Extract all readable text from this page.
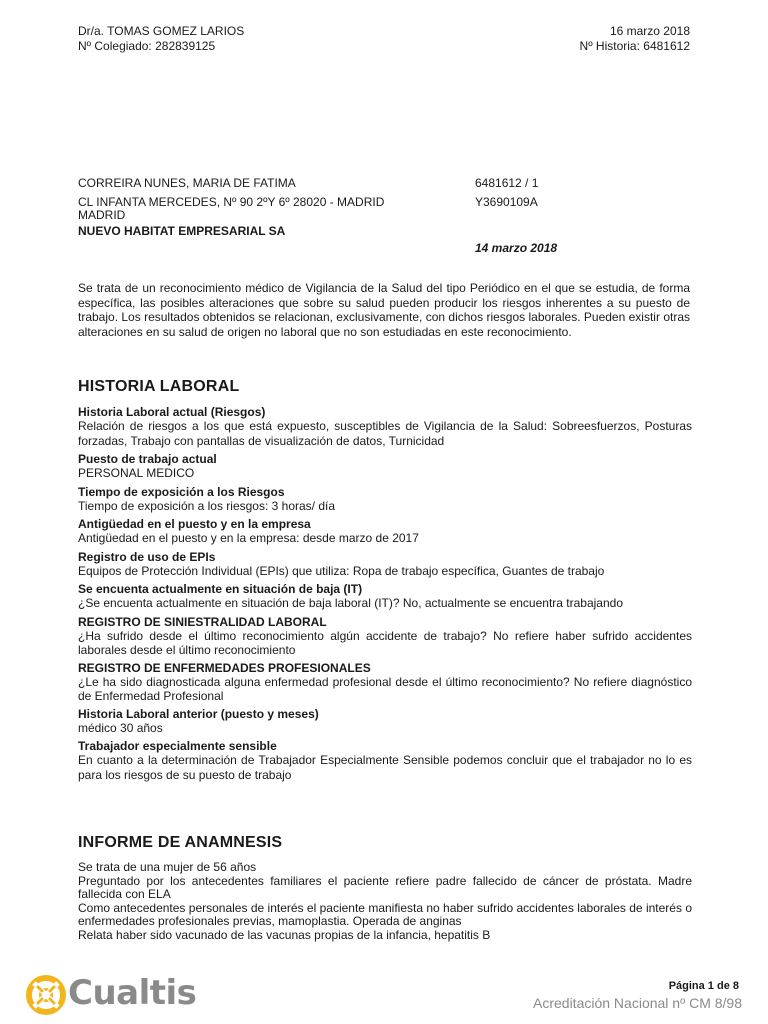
Dr/a. TOMAS GOMEZ LARIOS
Nº Colegiado: 282839125
16 marzo 2018
Nº Historia: 6481612
CORREIRA NUNES, MARIA DE FATIMA
CL INFANTA MERCEDES, Nº 90 2ºY 6º 28020 - MADRID
MADRID
NUEVO HABITAT EMPRESARIAL SA
6481612 / 1
Y3690109A
14 marzo 2018
Se trata de un reconocimiento médico de Vigilancia de la Salud del tipo Periódico en el que se estudia, de forma específica, las posibles alteraciones que sobre su salud pueden producir los riesgos inherentes a su puesto de trabajo. Los resultados obtenidos se relacionan, exclusivamente, con dichos riesgos laborales. Pueden existir otras alteraciones en su salud de origen no laboral que no son estudiadas en este reconocimiento.
HISTORIA LABORAL
Historia Laboral actual (Riesgos)
Relación de riesgos a los que está expuesto, susceptibles de Vigilancia de la Salud: Sobreesfuerzos, Posturas forzadas, Trabajo con pantallas de visualización de datos, Turnicidad
Puesto de trabajo actual
PERSONAL MEDICO
Tiempo de exposición a los Riesgos
Tiempo de exposición a los riesgos: 3 horas/ día
Antigüedad en el puesto y en la empresa
Antigüedad en el puesto y en la empresa: desde marzo de 2017
Registro de uso de EPIs
Equipos de Protección Individual (EPIs) que utiliza: Ropa de trabajo específica, Guantes de trabajo
Se encuenta actualmente en situación de baja (IT)
¿Se encuenta actualmente en situación de baja laboral (IT)? No, actualmente se encuentra trabajando
REGISTRO DE SINIESTRALIDAD LABORAL
¿Ha sufrido desde el último reconocimiento algún accidente de trabajo? No refiere haber sufrido accidentes laborales desde el último reconocimiento
REGISTRO DE ENFERMEDADES PROFESIONALES
¿Le ha sido diagnosticada alguna enfermedad profesional desde el último reconocimiento? No refiere diagnóstico de Enfermedad Profesional
Historia Laboral anterior (puesto y meses)
médico 30 años
Trabajador especialmente sensible
En cuanto a la determinación de Trabajador Especialmente Sensible podemos concluir que el trabajador no lo es para los riesgos de su puesto de trabajo
INFORME DE ANAMNESIS
Se trata de una mujer de 56 años
Preguntado por los antecedentes familiares el paciente refiere padre fallecido de cáncer de próstata. Madre fallecida con ELA
Como antecedentes personales de interés el paciente manifiesta no haber sufrido accidentes laborales de interés o enfermedades profesionales previas, mamoplastia. Operada de anginas
Relata haber sido vacunado de las vacunas propias de la infancia, hepatitis B
Cualtis	Página 1 de 8
Acreditación Nacional nº CM 8/98
